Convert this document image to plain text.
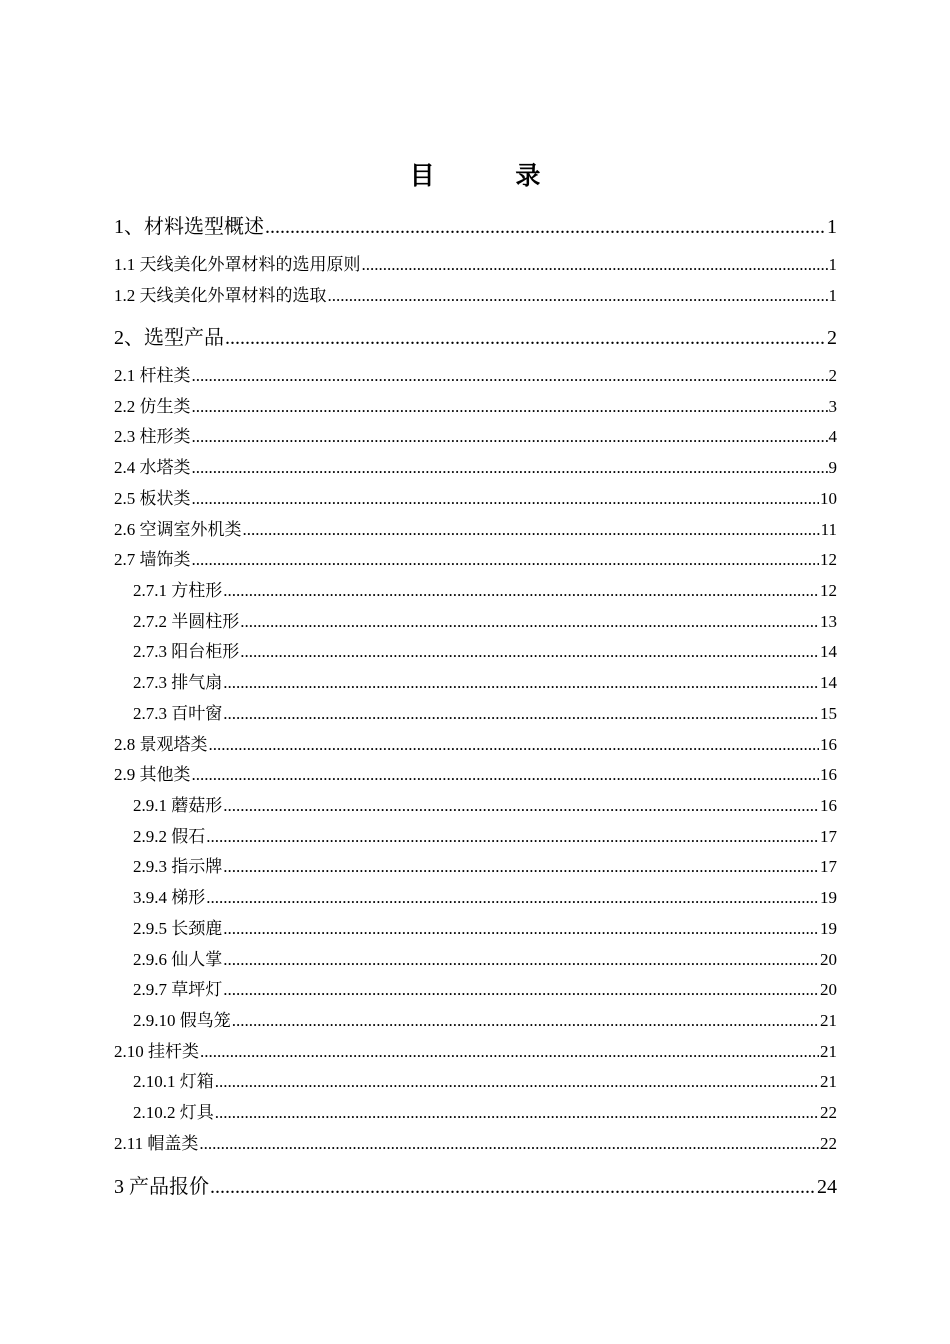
目 录
1、材料选型概述 .....	1
1.1 天线美化外罩材料的选用原则 .....	1
1.2 天线美化外罩材料的选取 .....	1
2、选型产品 .....	2
2.1 杆柱类 .....	2
2.2 仿生类 .....	3
2.3 柱形类 .....	4
2.4 水塔类 .....	9
2.5 板状类 .....	10
2.6 空调室外机类 .....	11
2.7 墙饰类 .....	12
2.7.1 方柱形 .....	12
2.7.2 半圆柱形 .....	13
2.7.3 阳台柜形 .....	14
2.7.3 排气扇 .....	14
2.7.3 百叶窗 .....	15
2.8 景观塔类 .....	16
2.9 其他类 .....	16
2.9.1 蘑菇形 .....	16
2.9.2 假石 .....	17
2.9.3 指示牌 .....	17
3.9.4 梯形 .....	19
2.9.5 长颈鹿 .....	19
2.9.6 仙人掌 .....	20
2.9.7 草坪灯 .....	20
2.9.10 假鸟笼 .....	21
2.10 挂杆类 .....	21
2.10.1 灯箱 .....	21
2.10.2 灯具 .....	22
2.11 帽盖类 .....	22
3 产品报价 .....	24
